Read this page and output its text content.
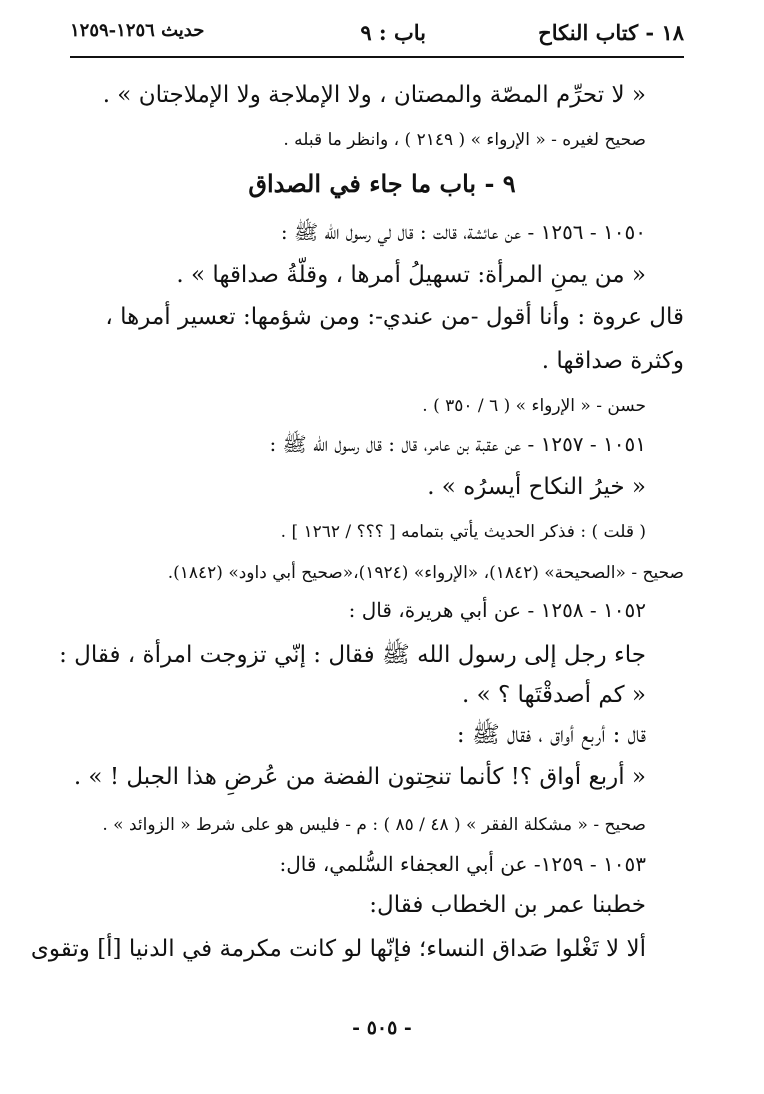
١٨ - كتاب النكاح
باب : ٩
حديث ١٢٥٦-١٢٥٩
« لا تحرِّم المصّة والمصتان ، ولا الإملاجة ولا الإملاجتان » .
صحيح لغيره - « الإرواء » ( ٢١٤٩ ) ، وانظر ما قبله .
٩ - باب ما جاء في الصداق
١٠٥٠ - ١٢٥٦ - عن عائشة، قالت : قال لي رسول الله ﷺ :
« من يمنِ المرأة: تسهيلُ أمرها ، وقلّةُ صداقها » .
قال عروة : وأنا أقول -من عندي-: ومن شؤمها: تعسير أمرها ،
وكثرة صداقها .
حسن - « الإرواء » ( ٦ / ٣٥٠ ) .
١٠٥١ - ١٢٥٧ - عن عقبة بن عامر، قال : قال رسول الله ﷺ :
« خيرُ النكاح أيسرُه » .
( قلت ) : فذكر الحديث يأتي بتمامه [ ؟؟؟ / ١٢٦٢ ] .
صحيح - «الصحيحة» (١٨٤٢)، «الإرواء» (١٩٢٤)،«صحيح أبي داود» (١٨٤٢).
١٠٥٢ - ١٢٥٨ - عن أبي هريرة، قال :
جاء رجل إلى رسول الله ﷺ فقال : إنّي تزوجت امرأة ، فقال :
« كم أصدقْتَها ؟ » .
قال : أربع أواق ، فقال ﷺ :
« أربع أواق ؟! كأنما تنحِتون الفضة من عُرضِ هذا الجبل ! » .
صحيح - « مشكلة الفقر » ( ٤٨ / ٨٥ ) : م - فليس هو على شرط « الزوائد » .
١٠٥٣ - ١٢٥٩- عن أبي العجفاء السُّلمي، قال:
خطبنا عمر بن الخطاب فقال:
ألا لا تَغْلوا صَداق النساء؛ فإنّها لو كانت مكرمة في الدنيا [أ] وتقوى
- ٥٠٥ -
